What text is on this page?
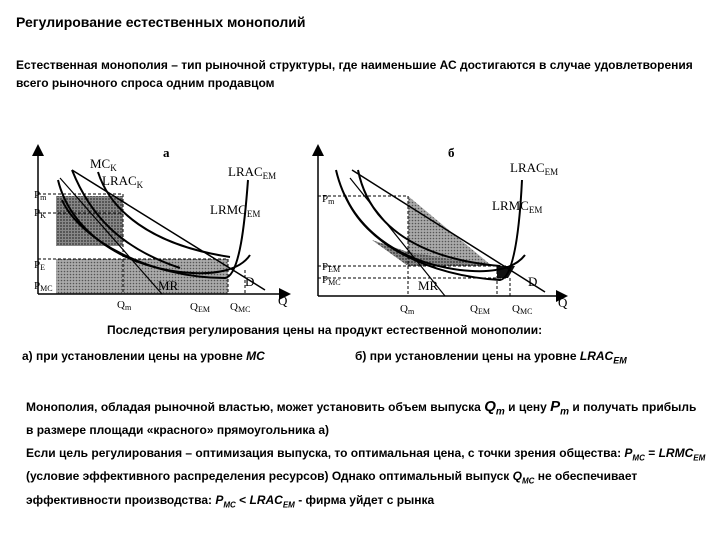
Регулирование естественных монополий
Естественная монополия – тип рыночной структуры, где наименьшие АС достигаются в случае удовлетворения всего рыночного спроса одним продавцом
а
$MC_K$
$LRAC_K$
$LRAC_{EM}$
$LRMC_{EM}$
Pm
PK
PE
PMC	MR	D
Q
Qm	QEM QMC
б
$LRAC_{EM}$
$LRMC_{EM}$
Pm
PEM
PMC	MR	D
Q
Qm	QEM QMC
Последствия регулирования цены на продукт естественной монополии:
а) при установлении цены на уровне MC	б) при установлении цены на уровне $LRAC_{EM}$
Монополия, обладая рыночной властью, может установить объем выпуска $Q_m$ и цену $P_m$ и получать прибыль в размере площади «красного» прямоугольника а)
Если цель регулирования – оптимизация выпуска, то оптимальная цена, с точки зрения общества: $P_{MC}$ = $LRMC_{EM}$ (условие эффективного распределения ресурсов) Однако оптимальный выпуск $Q_{MC}$ не обеспечивает эффективности производства: $P_{MC}$ < $LRAC_{EM}$ - фирма уйдет с рынка
